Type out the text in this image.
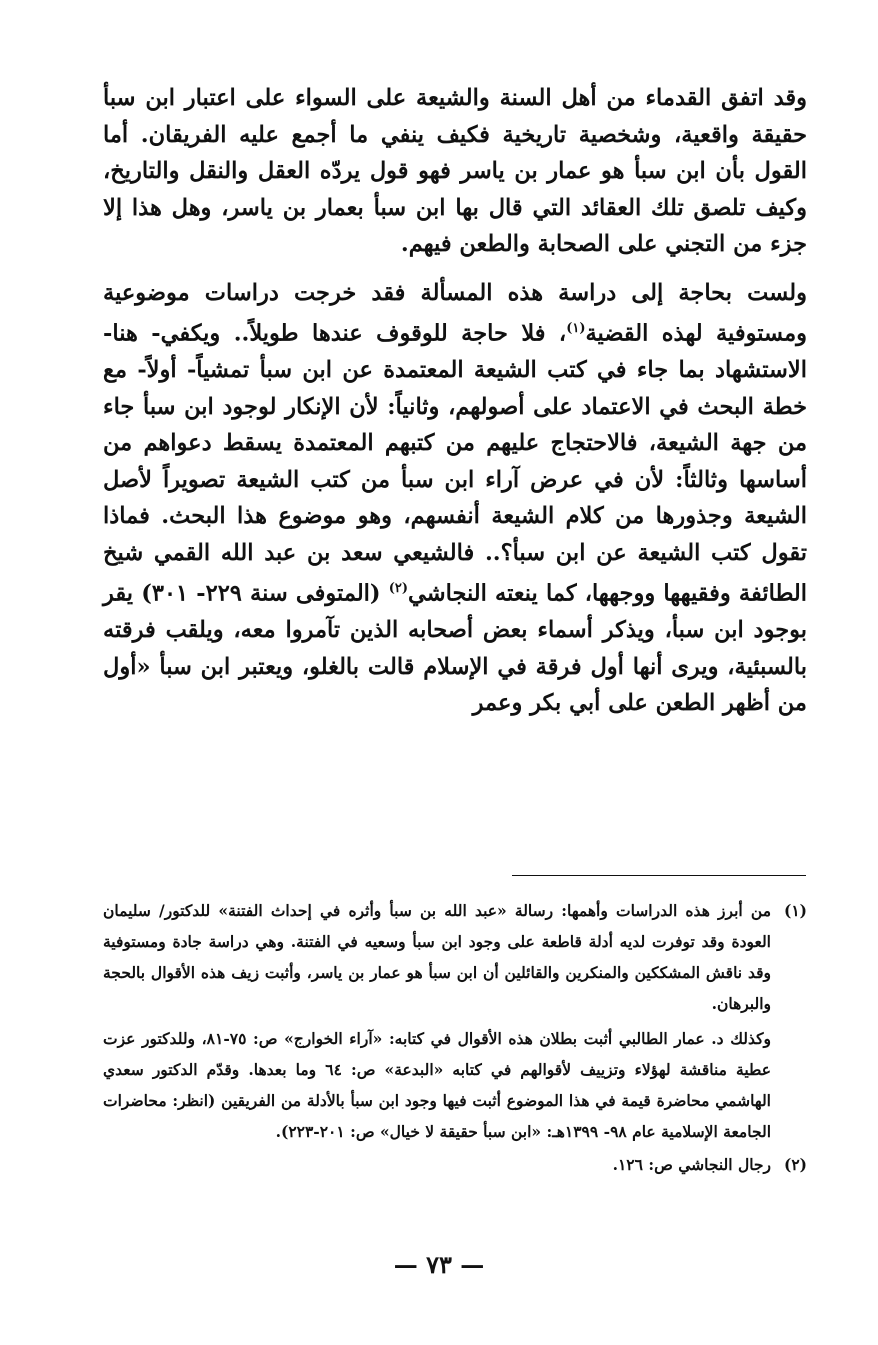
وقد اتفق القدماء من أهل السنة والشيعة على السواء على اعتبار ابن سبأ حقيقة واقعية، وشخصية تاريخية فكيف ينفي ما أجمع عليه الفريقان. أما القول بأن ابن سبأ هو عمار بن ياسر فهو قول يردّه العقل والنقل والتاريخ، وكيف تلصق تلك العقائد التي قال بها ابن سبأ بعمار بن ياسر، وهل هذا إلا جزء من التجني على الصحابة والطعن فيهم.

ولست بحاجة إلى دراسة هذه المسألة فقد خرجت دراسات موضوعية ومستوفية لهذه القضية$^{(١)}$، فلا حاجة للوقوف عندها طويلاً.. ويكفي- هنا- الاستشهاد بما جاء في كتب الشيعة المعتمدة عن ابن سبأ تمشياً- أولاً- مع خطة البحث في الاعتماد على أصولهم، وثانياً: لأن الإنكار لوجود ابن سبأ جاء من جهة الشيعة، فالاحتجاج عليهم من كتبهم المعتمدة يسقط دعواهم من أساسها وثالثاً: لأن في عرض آراء ابن سبأ من كتب الشيعة تصويراً لأصل الشيعة وجذورها من كلام الشيعة أنفسهم، وهو موضوع هذا البحث. فماذا تقول كتب الشيعة عن ابن سبأ؟.. فالشيعي سعد بن عبد الله القمي شيخ الطائفة وفقيهها ووجهها، كما ينعته النجاشي$^{(٢)}$ (المتوفى سنة ٢٢٩- ٣٠١) يقر بوجود ابن سبأ، ويذكر أسماء بعض أصحابه الذين تآمروا معه، ويلقب فرقته بالسبئية، ويرى أنها أول فرقة في الإسلام قالت بالغلو، ويعتبر ابن سبأ «أول من أظهر الطعن على أبي بكر وعمر

(١)
من أبرز هذه الدراسات وأهمها: رسالة «عبد الله بن سبأ وأثره في إحداث الفتنة» للدكتور/ سليمان العودة وقد توفرت لديه أدلة قاطعة على وجود ابن سبأ وسعيه في الفتنة. وهي دراسة جادة ومستوفية وقد ناقش المشككين والمنكرين والقائلين أن ابن سبأ هو عمار بن ياسر، وأثبت زيف هذه الأقوال بالحجة والبرهان.
وكذلك د. عمار الطالبي أثبت بطلان هذه الأقوال في كتابه: «آراء الخوارج» ص: ٧٥-٨١، وللدكتور عزت عطية مناقشة لهؤلاء وتزييف لأقوالهم في كتابه «البدعة» ص: ٦٤ وما بعدها. وقدّم الدكتور سعدي الهاشمي محاضرة قيمة في هذا الموضوع أثبت فيها وجود ابن سبأ بالأدلة من الفريقين (انظر: محاضرات الجامعة الإسلامية عام ٩٨- ١٣٩٩هـ: «ابن سبأ حقيقة لا خيال» ص: ٢٠١-٢٢٣).
(٢)
رجال النجاشي ص: ١٢٦.
— ٧٣ —
